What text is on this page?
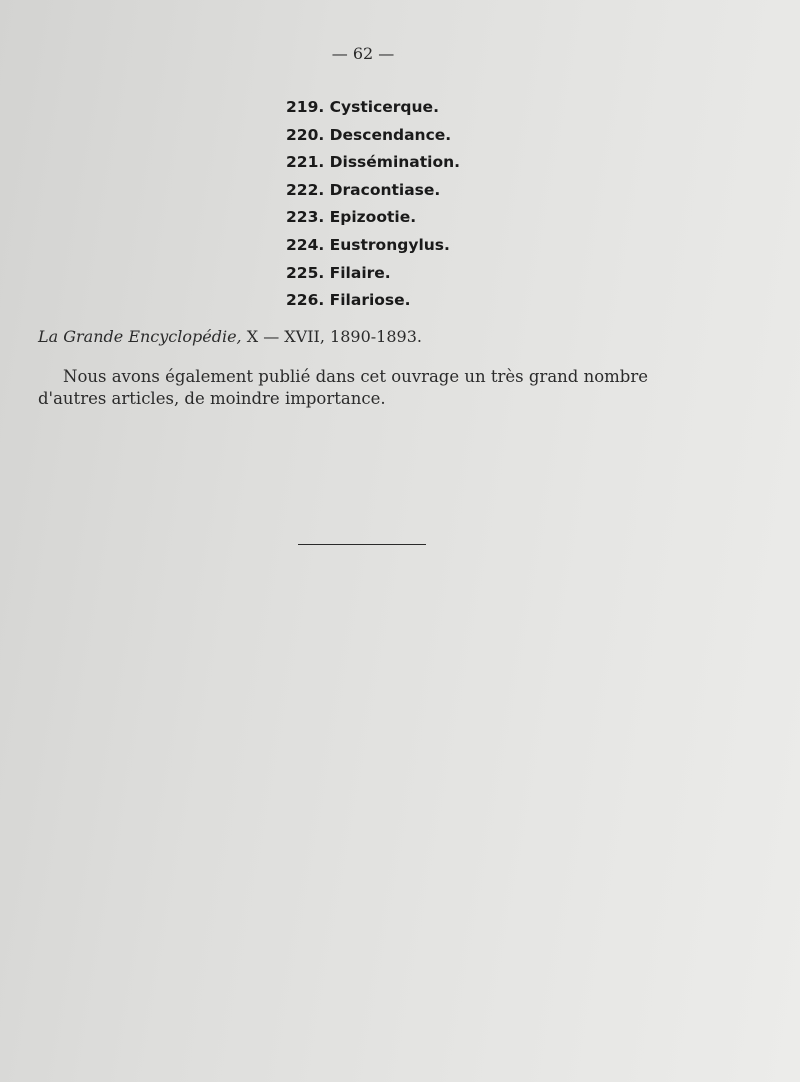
— 62 —
219. Cysticerque.
220. Descendance.
221. Dissémination.
222. Dracontiase.
223. Epizootie.
224. Eustrongylus.
225. Filaire.
226. Filariose.
La Grande Encyclopédie, X — XVII, 1890-1893.

Nous avons également publié dans cet ouvrage un très grand nombre d'autres articles, de moindre importance.
